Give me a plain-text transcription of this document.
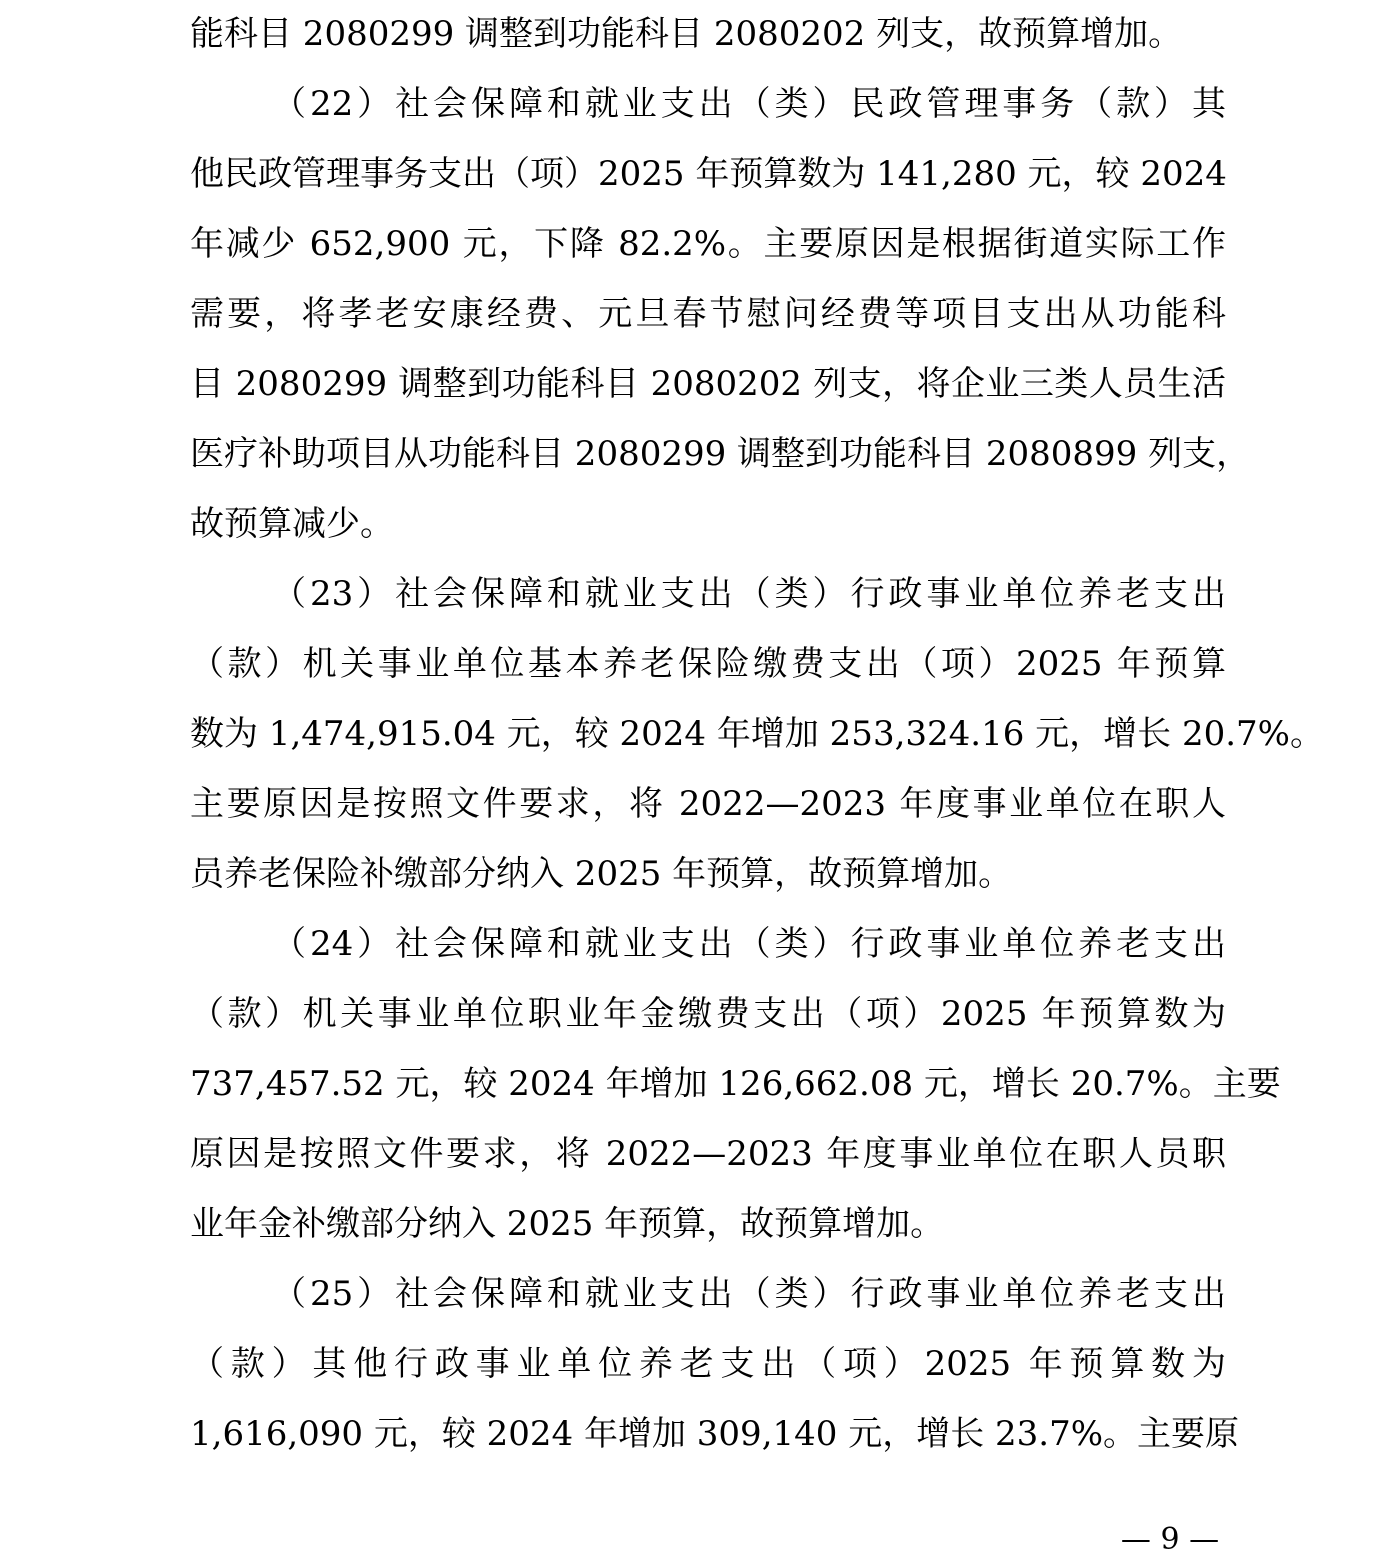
能科目 2080299 调整到功能科目 2080202 列支，故预算增加。
（22）社会保障和就业支出（类）民政管理事务（款）其
他民政管理事务支出（项）2025 年预算数为 141,280 元，较 2024
年减少 652,900 元，下降 82.2%。主要原因是根据街道实际工作
需要，将孝老安康经费、元旦春节慰问经费等项目支出从功能科
目 2080299 调整到功能科目 2080202 列支，将企业三类人员生活
医疗补助项目从功能科目 2080299 调整到功能科目 2080899 列支，
故预算减少。
（23）社会保障和就业支出（类）行政事业单位养老支出
（款）机关事业单位基本养老保险缴费支出（项）2025 年预算
数为 1,474,915.04 元，较 2024 年增加 253,324.16 元，增长 20.7%。
主要原因是按照文件要求，将 2022—2023 年度事业单位在职人
员养老保险补缴部分纳入 2025 年预算，故预算增加。
（24）社会保障和就业支出（类）行政事业单位养老支出
（款）机关事业单位职业年金缴费支出（项）2025 年预算数为
737,457.52 元，较 2024 年增加 126,662.08 元，增长 20.7%。主要
原因是按照文件要求，将 2022—2023 年度事业单位在职人员职
业年金补缴部分纳入 2025 年预算，故预算增加。
（25）社会保障和就业支出（类）行政事业单位养老支出
（款）其他行政事业单位养老支出（项）2025 年预算数为
1,616,090 元，较 2024 年增加 309,140 元，增长 23.7%。主要原
— 9 —
